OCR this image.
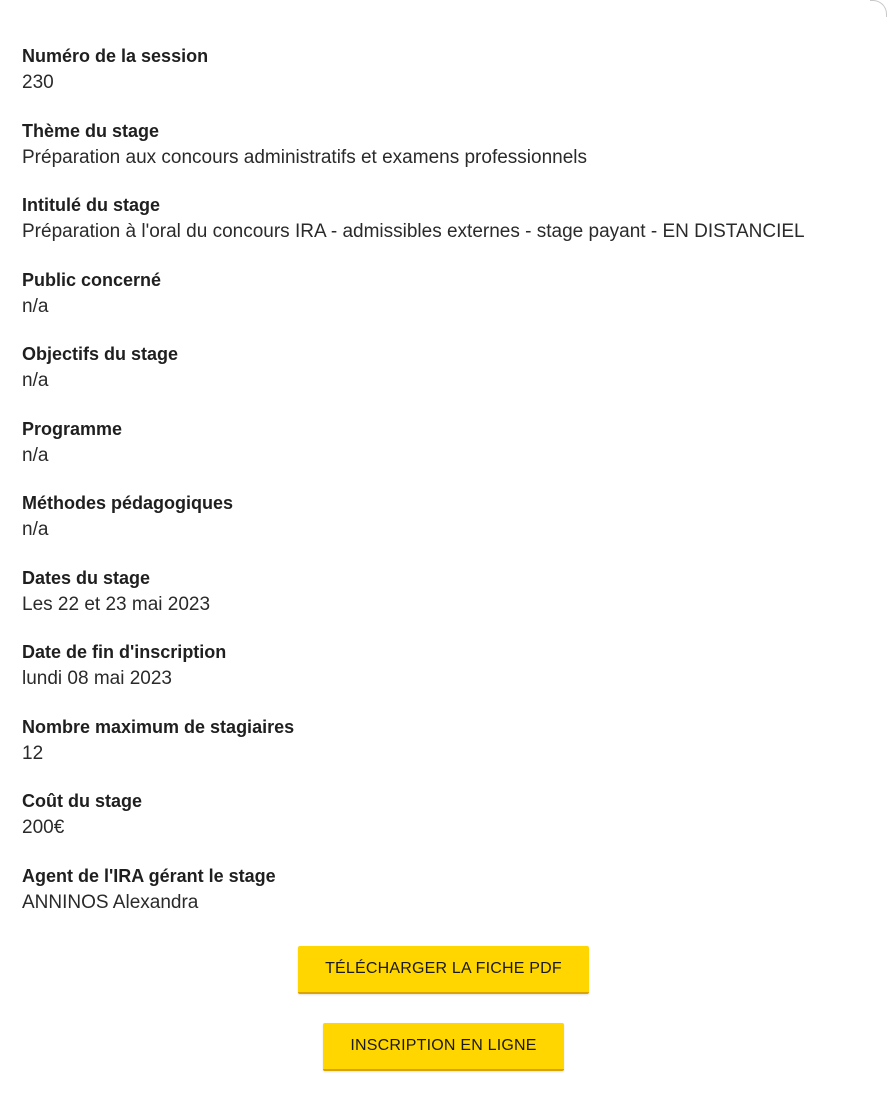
Numéro de la session
230
Thème du stage
Préparation aux concours administratifs et examens professionnels
Intitulé du stage
Préparation à l'oral du concours IRA - admissibles externes - stage payant - EN DISTANCIEL
Public concerné
n/a
Objectifs du stage
n/a
Programme
n/a
Méthodes pédagogiques
n/a
Dates du stage
Les 22 et 23 mai 2023
Date de fin d'inscription
lundi 08 mai 2023
Nombre maximum de stagiaires
12
Coût du stage
200€
Agent de l'IRA gérant le stage
ANNINOS Alexandra
TÉLÉCHARGER LA FICHE PDF
INSCRIPTION EN LIGNE
